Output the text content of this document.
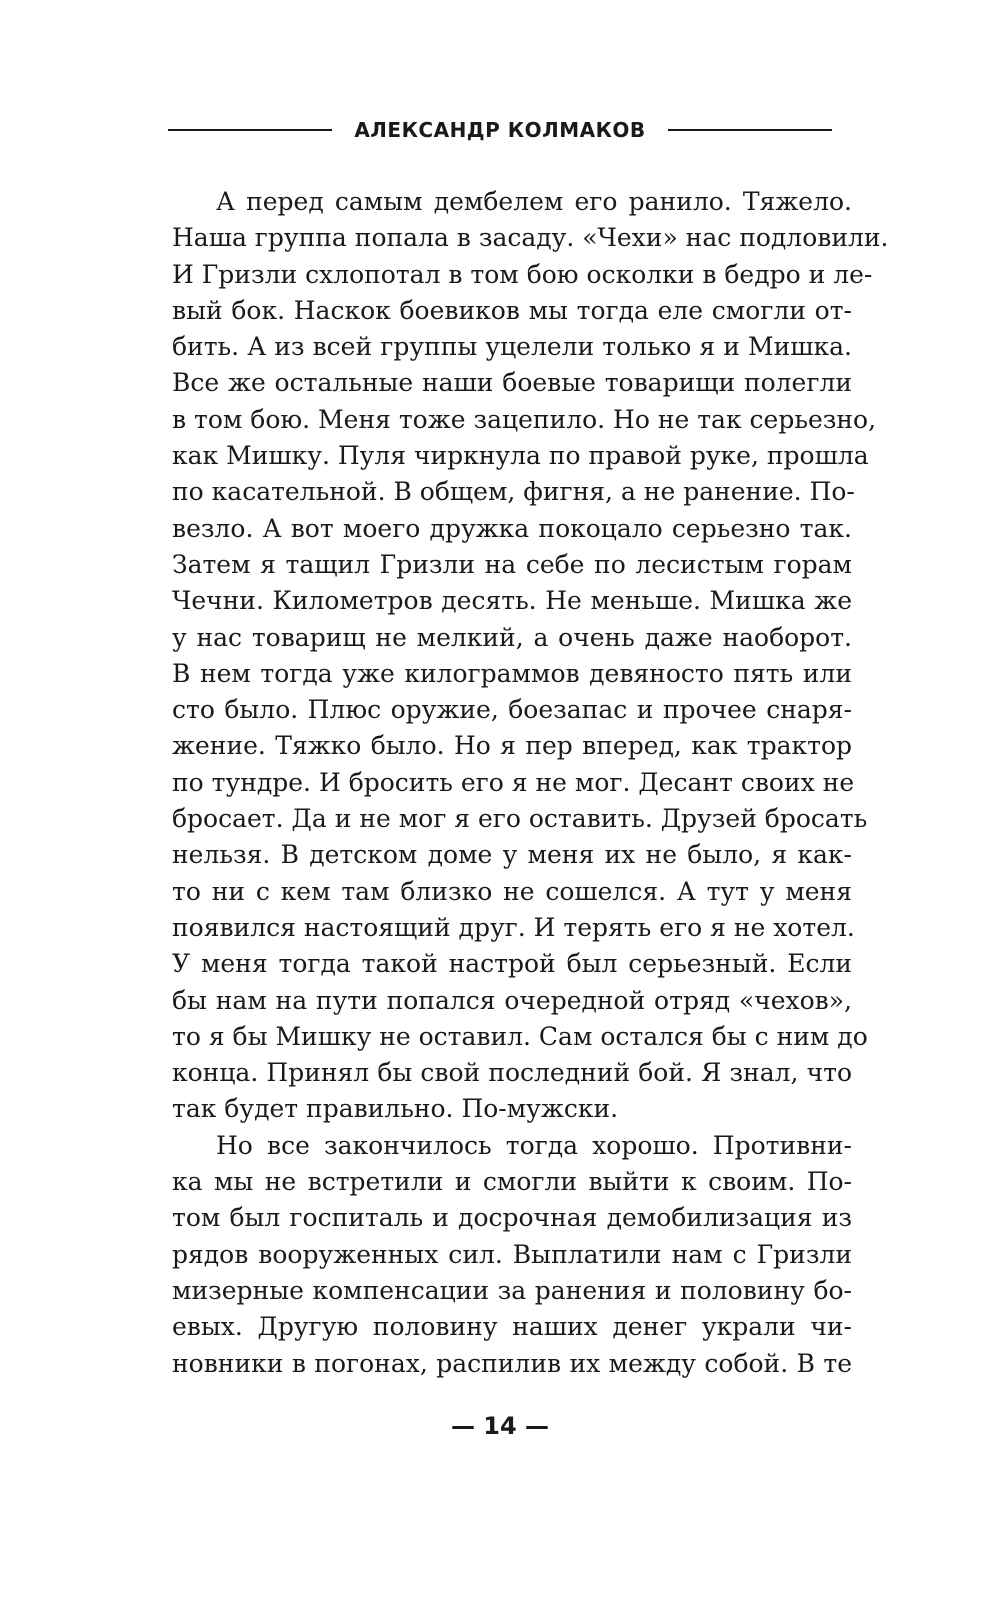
АЛЕКСАНДР КОЛМАКОВ
А перед самым дембелем его ранило. Тяжело.
Наша группа попала в засаду. «Чехи» нас подловили.
И Гризли схлопотал в том бою осколки в бедро и ле-
вый бок. Наскок боевиков мы тогда еле смогли от-
бить. А из всей группы уцелели только я и Мишка.
Все же остальные наши боевые товарищи полегли
в том бою. Меня тоже зацепило. Но не так серьезно,
как Мишку. Пуля чиркнула по правой руке, прошла
по касательной. В общем, фигня, а не ранение. По-
везло. А вот моего дружка покоцало серьезно так.
Затем я тащил Гризли на себе по лесистым горам
Чечни. Километров десять. Не меньше. Мишка же
у нас товарищ не мелкий, а очень даже наоборот.
В нем тогда уже килограммов девяносто пять или
сто было. Плюс оружие, боезапас и прочее снаря-
жение. Тяжко было. Но я пер вперед, как трактор
по тундре. И бросить его я не мог. Десант своих не
бросает. Да и не мог я его оставить. Друзей бросать
нельзя. В детском доме у меня их не было, я как-
то ни с кем там близко не сошелся. А тут у меня
появился настоящий друг. И терять его я не хотел.
У меня тогда такой настрой был серьезный. Если
бы нам на пути попался очередной отряд «чехов»,
то я бы Мишку не оставил. Сам остался бы с ним до
конца. Принял бы свой последний бой. Я знал, что
так будет правильно. По-мужски.
Но все закончилось тогда хорошо. Противни-
ка мы не встретили и смогли выйти к своим. По-
том был госпиталь и досрочная демобилизация из
рядов вооруженных сил. Выплатили нам с Гризли
мизерные компенсации за ранения и половину бо-
евых. Другую половину наших денег украли чи-
новники в погонах, распилив их между собой. В те
— 14 —
